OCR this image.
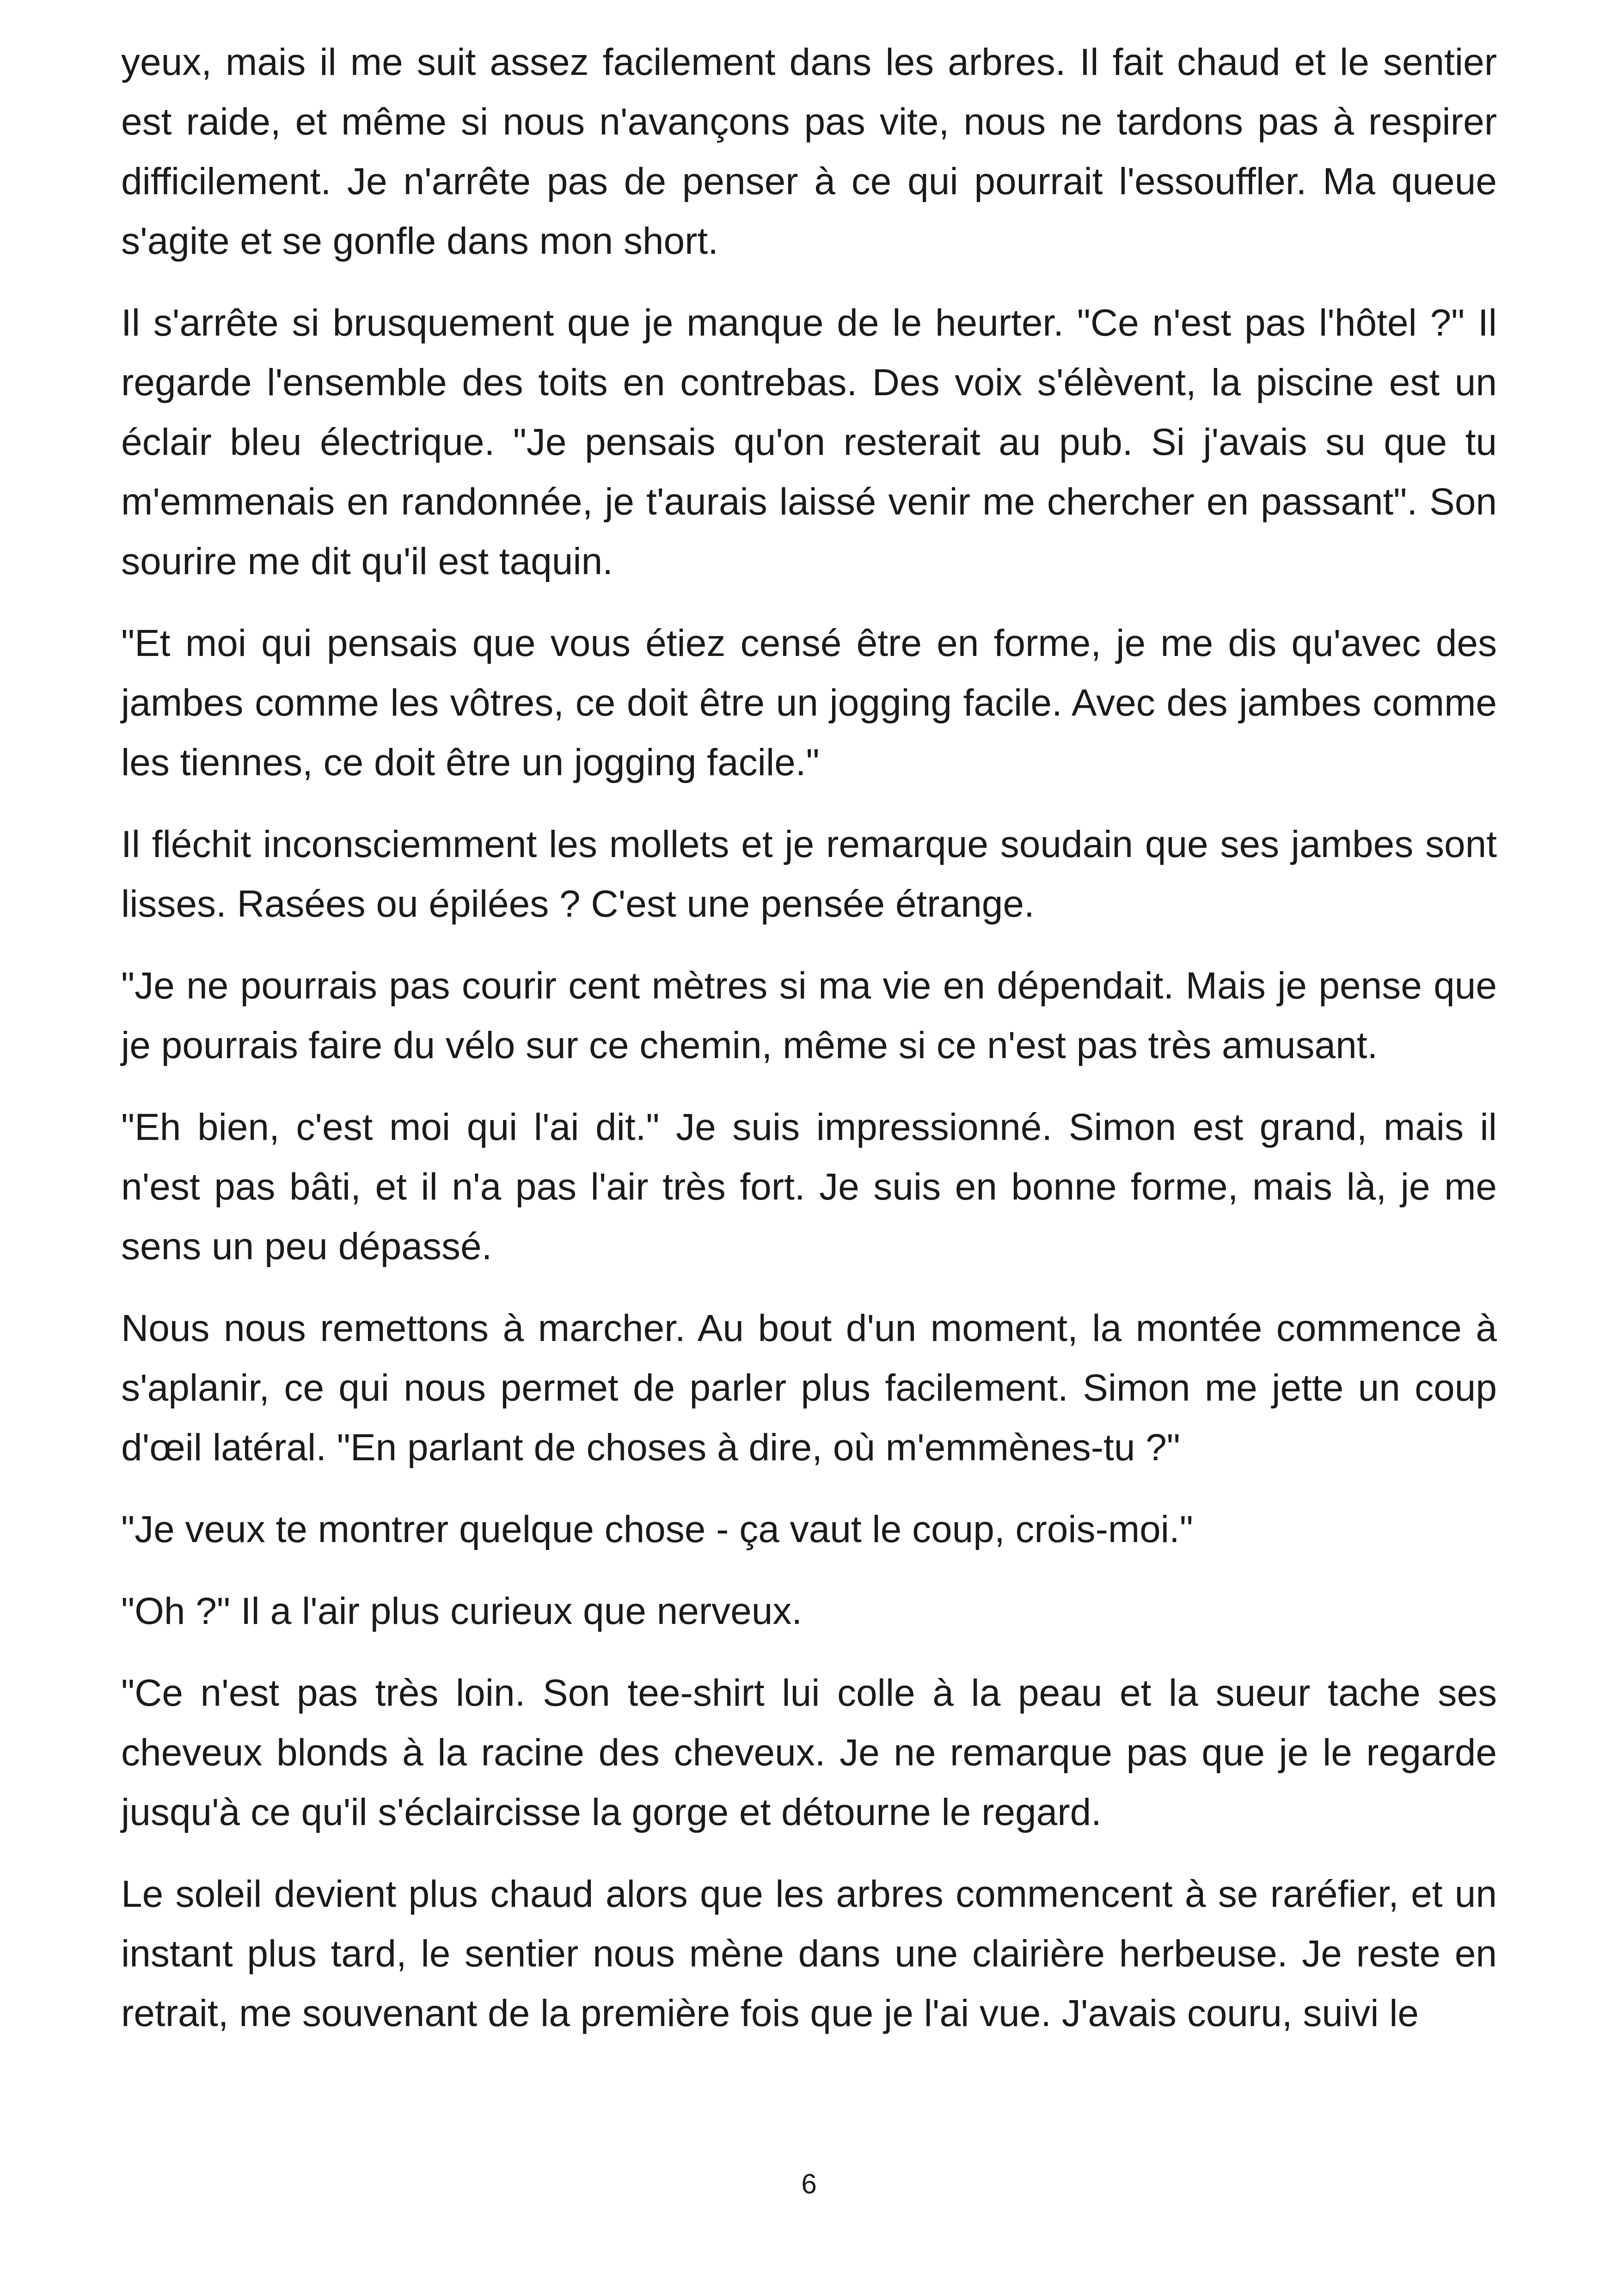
yeux, mais il me suit assez facilement dans les arbres. Il fait chaud et le sentier est raide, et même si nous n'avançons pas vite, nous ne tardons pas à respirer difficilement. Je n'arrête pas de penser à ce qui pourrait l'essouffler. Ma queue s'agite et se gonfle dans mon short.

Il s'arrête si brusquement que je manque de le heurter. "Ce n'est pas l'hôtel ?" Il regarde l'ensemble des toits en contrebas. Des voix s'élèvent, la piscine est un éclair bleu électrique. "Je pensais qu'on resterait au pub. Si j'avais su que tu m'emmenais en randonnée, je t'aurais laissé venir me chercher en passant". Son sourire me dit qu'il est taquin.

"Et moi qui pensais que vous étiez censé être en forme, je me dis qu'avec des jambes comme les vôtres, ce doit être un jogging facile. Avec des jambes comme les tiennes, ce doit être un jogging facile."

Il fléchit inconsciemment les mollets et je remarque soudain que ses jambes sont lisses. Rasées ou épilées ? C'est une pensée étrange.

"Je ne pourrais pas courir cent mètres si ma vie en dépendait. Mais je pense que je pourrais faire du vélo sur ce chemin, même si ce n'est pas très amusant.

"Eh bien, c'est moi qui l'ai dit." Je suis impressionné. Simon est grand, mais il n'est pas bâti, et il n'a pas l'air très fort. Je suis en bonne forme, mais là, je me sens un peu dépassé.

Nous nous remettons à marcher. Au bout d'un moment, la montée commence à s'aplanir, ce qui nous permet de parler plus facilement. Simon me jette un coup d'œil latéral. "En parlant de choses à dire, où m'emmènes-tu ?"

"Je veux te montrer quelque chose - ça vaut le coup, crois-moi."

"Oh ?" Il a l'air plus curieux que nerveux.

"Ce n'est pas très loin. Son tee-shirt lui colle à la peau et la sueur tache ses cheveux blonds à la racine des cheveux. Je ne remarque pas que je le regarde jusqu'à ce qu'il s'éclaircisse la gorge et détourne le regard.

Le soleil devient plus chaud alors que les arbres commencent à se raréfier, et un instant plus tard, le sentier nous mène dans une clairière herbeuse. Je reste en retrait, me souvenant de la première fois que je l'ai vue. J'avais couru, suivi le

6
